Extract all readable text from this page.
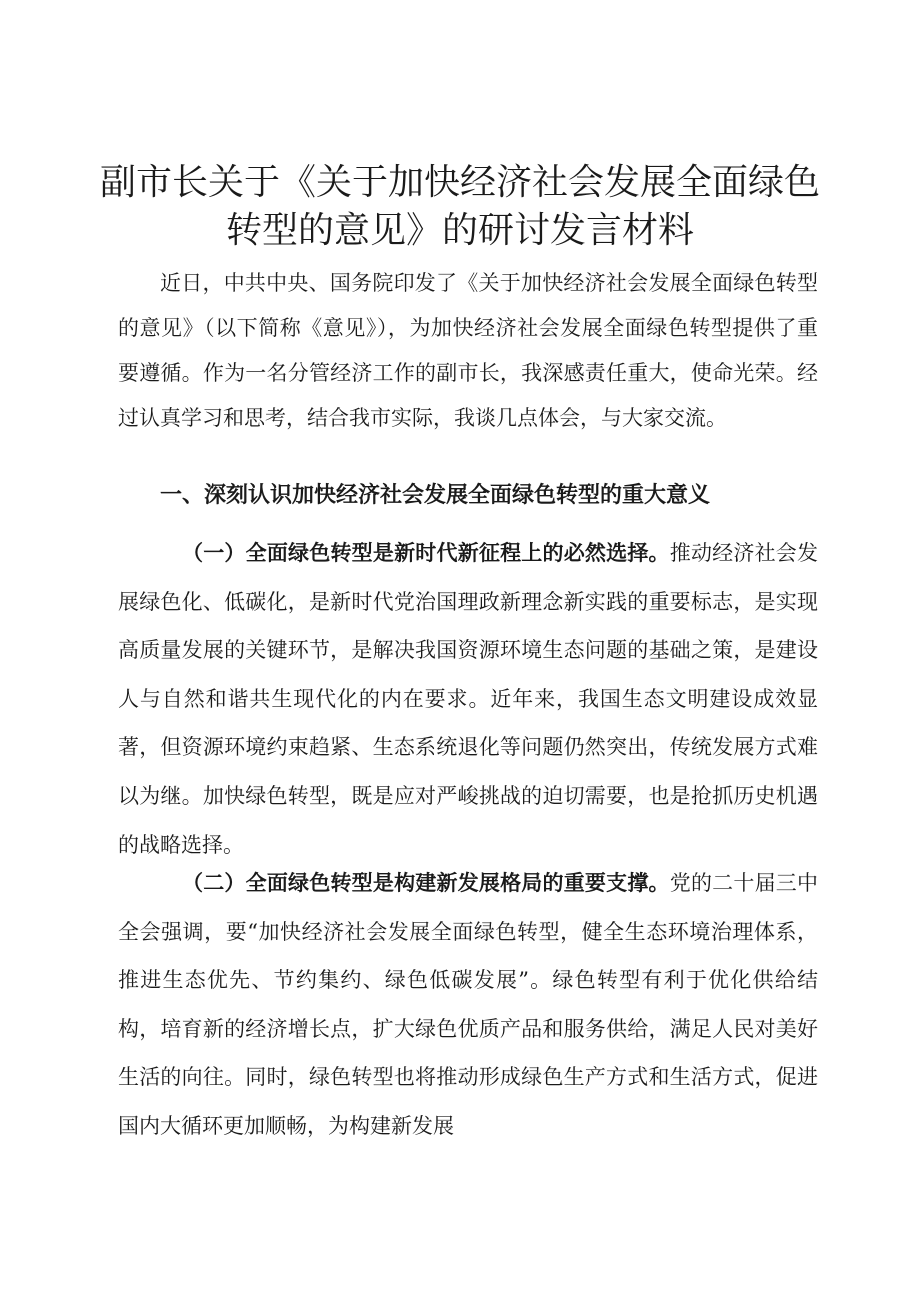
副市长关于《关于加快经济社会发展全面绿色
转型的意见》的研讨发言材料

近日，中共中央、国务院印发了《关于加快经济社会发展全面绿色转型的意见》（以下简称《意见》），为加快经济社会发展全面绿色转型提供了重要遵循。作为一名分管经济工作的副市长，我深感责任重大，使命光荣。经过认真学习和思考，结合我市实际，我谈几点体会，与大家交流。

一、深刻认识加快经济社会发展全面绿色转型的重大意义

（一）全面绿色转型是新时代新征程上的必然选择。推动经济社会发展绿色化、低碳化，是新时代党治国理政新理念新实践的重要标志，是实现高质量发展的关键环节，是解决我国资源环境生态问题的基础之策，是建设人与自然和谐共生现代化的内在要求。近年来，我国生态文明建设成效显著，但资源环境约束趋紧、生态系统退化等问题仍然突出，传统发展方式难以为继。加快绿色转型，既是应对严峻挑战的迫切需要，也是抢抓历史机遇的战略选择。

（二）全面绿色转型是构建新发展格局的重要支撑。党的二十届三中全会强调，要“加快经济社会发展全面绿色转型，健全生态环境治理体系，推进生态优先、节约集约、绿色低碳发展”。绿色转型有利于优化供给结构，培育新的经济增长点，扩大绿色优质产品和服务供给，满足人民对美好生活的向往。同时，绿色转型也将推动形成绿色生产方式和生活方式，促进国内大循环更加顺畅，为构建新发展
